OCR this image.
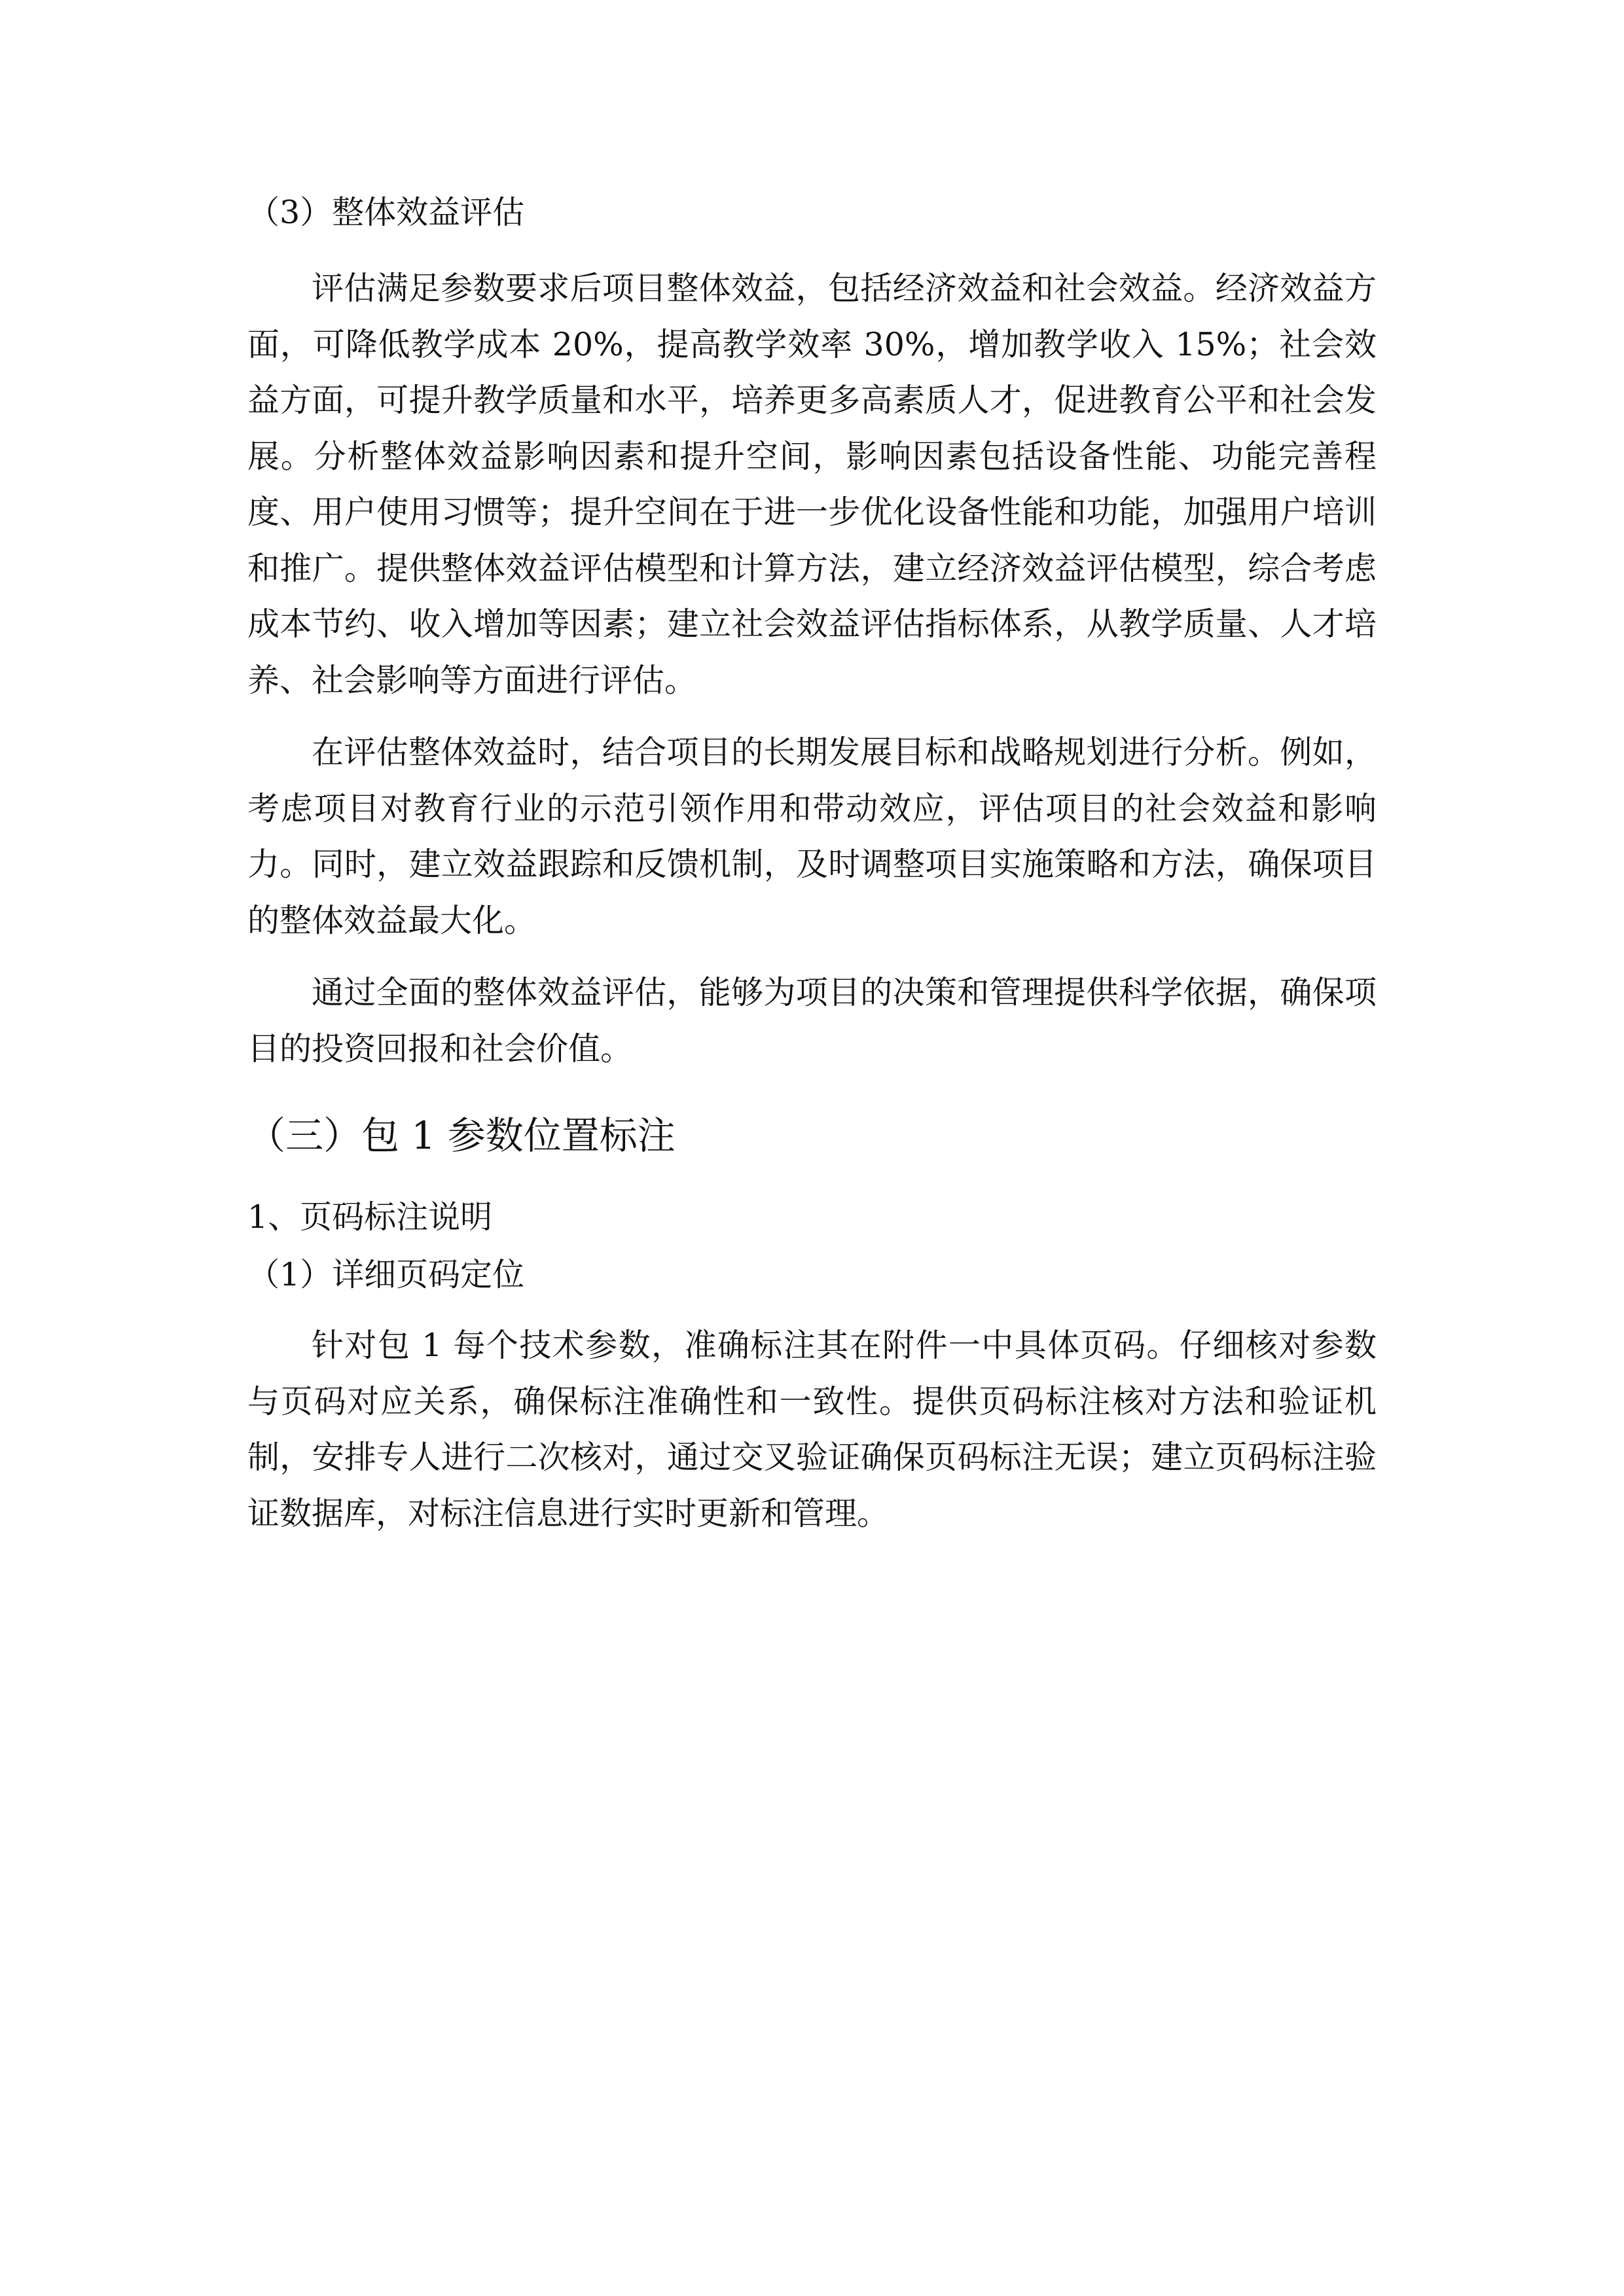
（3）整体效益评估

评估满足参数要求后项目整体效益，包括经济效益和社会效益。经济效益方面，可降低教学成本 20%，提高教学效率 30%，增加教学收入 15%；社会效益方面，可提升教学质量和水平，培养更多高素质人才，促进教育公平和社会发展。分析整体效益影响因素和提升空间，影响因素包括设备性能、功能完善程度、用户使用习惯等；提升空间在于进一步优化设备性能和功能，加强用户培训和推广。提供整体效益评估模型和计算方法，建立经济效益评估模型，综合考虑成本节约、收入增加等因素；建立社会效益评估指标体系，从教学质量、人才培养、社会影响等方面进行评估。

在评估整体效益时，结合项目的长期发展目标和战略规划进行分析。例如，考虑项目对教育行业的示范引领作用和带动效应，评估项目的社会效益和影响力。同时，建立效益跟踪和反馈机制，及时调整项目实施策略和方法，确保项目的整体效益最大化。

通过全面的整体效益评估，能够为项目的决策和管理提供科学依据，确保项目的投资回报和社会价值。

（三）包 1 参数位置标注
1、页码标注说明
（1）详细页码定位

针对包 1 每个技术参数，准确标注其在附件一中具体页码。仔细核对参数与页码对应关系，确保标注准确性和一致性。提供页码标注核对方法和验证机制，安排专人进行二次核对，通过交叉验证确保页码标注无误；建立页码标注验证数据库，对标注信息进行实时更新和管理。
